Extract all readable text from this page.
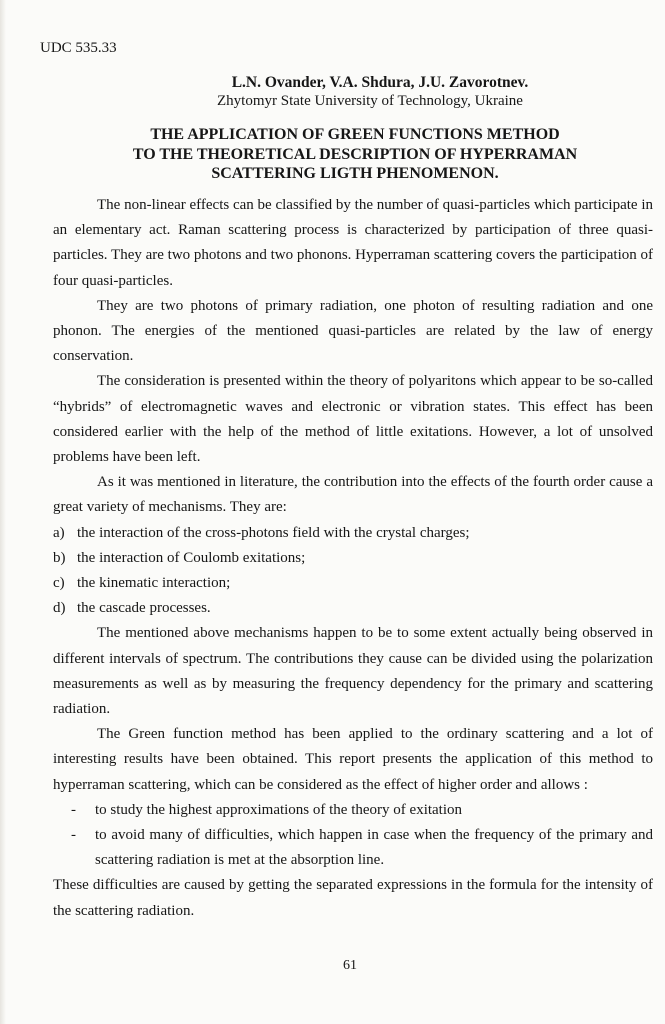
UDC 535.33
L.N. Ovander, V.A. Shdura, J.U. Zavorotnev.
Zhytomyr State University of Technology, Ukraine
THE APPLICATION OF GREEN FUNCTIONS METHOD
TO THE THEORETICAL DESCRIPTION OF HYPERRAMAN
SCATTERING LIGTH PHENOMENON.

The non-linear effects can be classified by the number of quasi-particles which participate in an elementary act. Raman scattering process is characterized by participation of three quasi-particles. They are two photons and two phonons. Hyperraman scattering covers the participation of four quasi-particles.

They are two photons of primary radiation, one photon of resulting radiation and one phonon. The energies of the mentioned quasi-particles are related by the law of energy conservation.

The consideration is presented within the theory of polyaritons which appear to be so-called “hybrids” of electromagnetic waves and electronic or vibration states. This effect has been considered earlier with the help of the method of little exitations. However, a lot of unsolved problems have been left.

As it was mentioned in literature, the contribution into the effects of the fourth order cause a great variety of mechanisms. They are:

a) the interaction of the cross-photons field with the crystal charges;
b) the interaction of Coulomb exitations;
c) the kinematic interaction;
d) the cascade processes.

The mentioned above mechanisms happen to be to some extent actually being observed in different intervals of spectrum. The contributions they cause can be divided using the polarization measurements as well as by measuring the frequency dependency for the primary and scattering radiation.

The Green function method has been applied to the ordinary scattering and a lot of interesting results have been obtained. This report presents the application of this method to hyperraman scattering, which can be considered as the effect of higher order and allows :

-	to study the highest approximations of the theory of exitation
-	to avoid many of difficulties, which happen in case when the frequency of the primary and scattering radiation is met at the absorption line.

These difficulties are caused by getting the separated expressions in the formula for the intensity of the scattering radiation.

61
